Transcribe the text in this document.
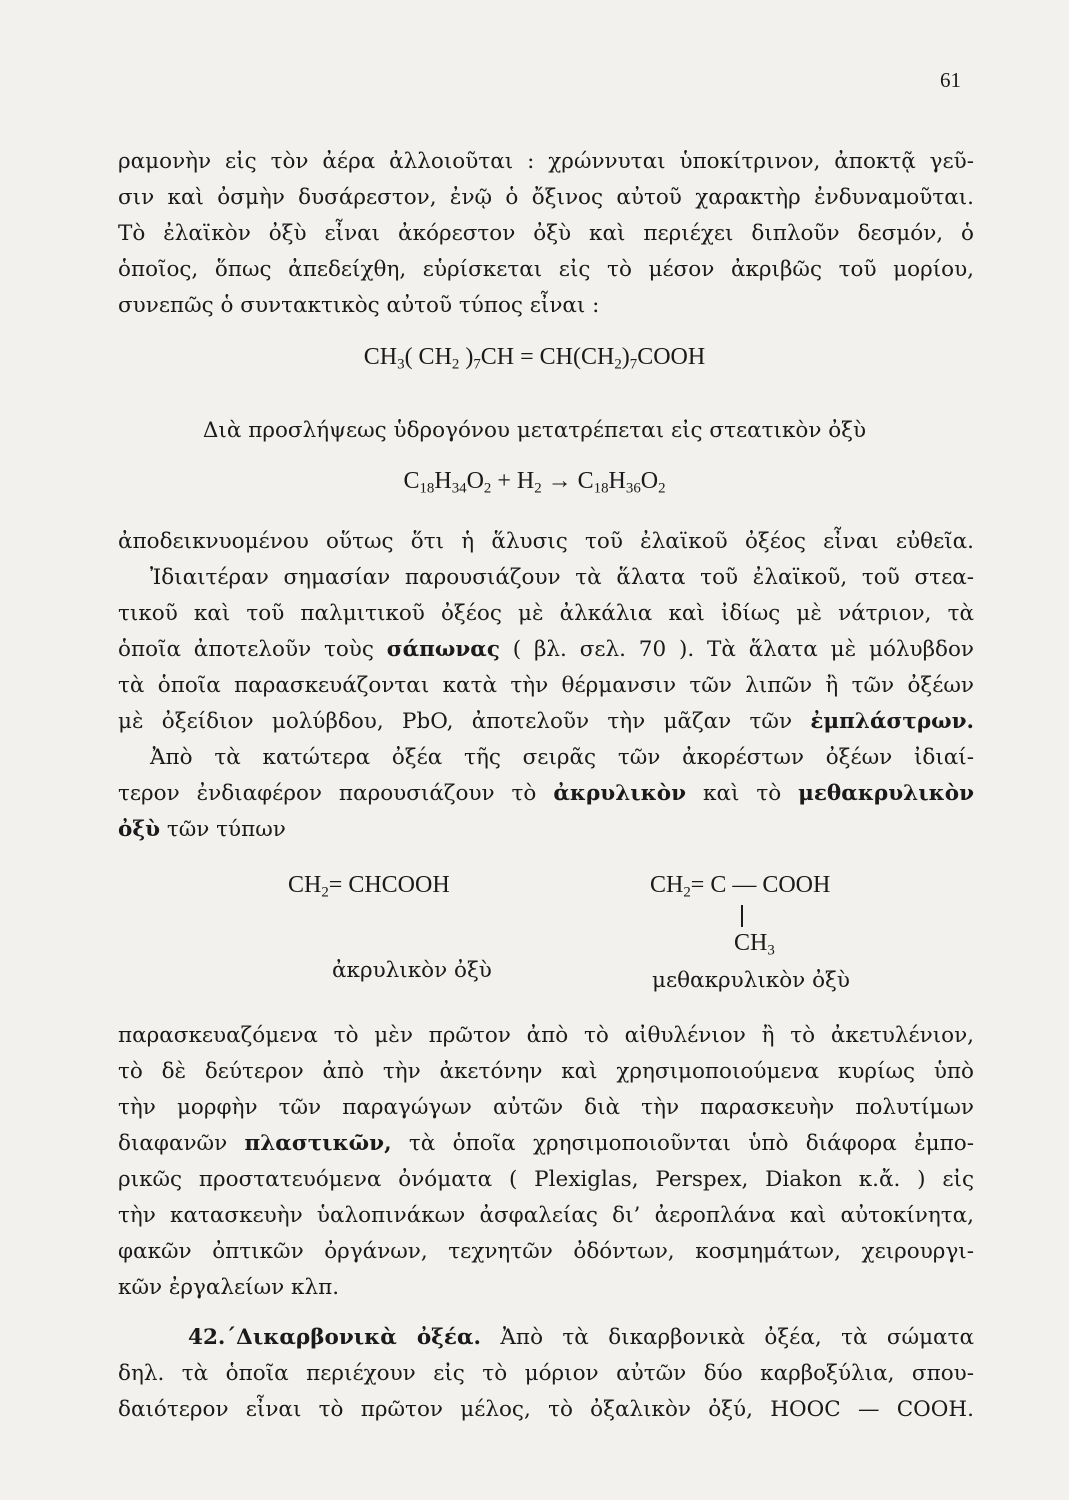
61
ραμονὴν εἰς τὸν ἀέρα ἀλλοιοῦται : χρώννυται ὑποκίτρινον, ἀποκτᾷ γεῦ-
σιν καὶ ὀσμὴν δυσάρεστον, ἐνῷ ὁ ὄξινος αὐτοῦ χαρακτὴρ ἐνδυναμοῦται.
Τὸ ἐλαϊκὸν ὀξὺ εἶναι ἀκόρεστον ὀξὺ καὶ περιέχει διπλοῦν δεσμόν, ὁ
ὁποῖος, ὅπως ἀπεδείχθη, εὑρίσκεται εἰς τὸ μέσον ἀκριβῶς τοῦ μορίου,
συνεπῶς ὁ συντακτικὸς αὐτοῦ τύπος εἶναι :
$CH_3$( $CH_2$ )$_7CH$ = $CH(CH_2)_7COOH$
Διὰ προσλήψεως ὑδρογόνου μετατρέπεται εἰς στεατικὸν ὀξὺ
$C_{18}H_{34}O_2 + H_2 \to C_{18}H_{36}O_2$
ἀποδεικνυομένου οὕτως ὅτι ἡ ἅλυσις τοῦ ἐλαϊκοῦ ὀξέος εἶναι εὐθεῖα.
Ἰδιαιτέραν σημασίαν παρουσιάζουν τὰ ἅλατα τοῦ ἐλαϊκοῦ, τοῦ στεα-
τικοῦ καὶ τοῦ παλμιτικοῦ ὀξέος μὲ ἀλκάλια καὶ ἰδίως μὲ νάτριον, τὰ
ὁποῖα ἀποτελοῦν τοὺς σάπωνας ( βλ. σελ. 70 ). Τὰ ἅλατα μὲ μόλυβδον
τὰ ὁποῖα παρασκευάζονται κατὰ τὴν θέρμανσιν τῶν λιπῶν ἢ τῶν ὀξέων
μὲ ὀξείδιον μολύβδου, PbO, ἀποτελοῦν τὴν μᾶζαν τῶν ἐμπλάστρων.
Ἀπὸ τὰ κατώτερα ὀξέα τῆς σειρᾶς τῶν ἀκορέστων ὀξέων ἰδιαί-
τερον ἐνδιαφέρον παρουσιάζουν τὸ ἀκρυλικὸν καὶ τὸ μεθακρυλικὸν
ὀξὺ τῶν τύπων
$CH_2=$ CHCOOH
ἀκρυλικὸν ὀξὺ
$CH_2= C$ — COOH
$CH_3$
μεθακρυλικὸν ὀξὺ
παρασκευαζόμενα τὸ μὲν πρῶτον ἀπὸ τὸ αἰθυλένιον ἢ τὸ ἀκετυλένιον,
τὸ δὲ δεύτερον ἀπὸ τὴν ἀκετόνην καὶ χρησιμοποιούμενα κυρίως ὑπὸ
τὴν μορφὴν τῶν παραγώγων αὐτῶν διὰ τὴν παρασκευὴν πολυτίμων
διαφανῶν πλαστικῶν, τὰ ὁποῖα χρησιμοποιοῦνται ὑπὸ διάφορα ἐμπο-
ρικῶς προστατευόμενα ὀνόματα ( Plexiglas, Perspex, Diakon κ.ἄ. ) εἰς
τὴν κατασκευὴν ὑαλοπινάκων ἀσφαλείας δι’ ἀεροπλάνα καὶ αὐτοκίνητα,
φακῶν ὀπτικῶν ὀργάνων, τεχνητῶν ὀδόντων, κοσμημάτων, χειρουργι-
κῶν ἐργαλείων κλπ.
42.΄Δικαρβονικὰ ὀξέα. Ἀπὸ τὰ δικαρβονικὰ ὀξέα, τὰ σώματα
δηλ. τὰ ὁποῖα περιέχουν εἰς τὸ μόριον αὐτῶν δύο καρβοξύλια, σπου-
δαιότερον εἶναι τὸ πρῶτον μέλος, τὸ ὀξαλικὸν ὀξύ, HOOC — COOH.
